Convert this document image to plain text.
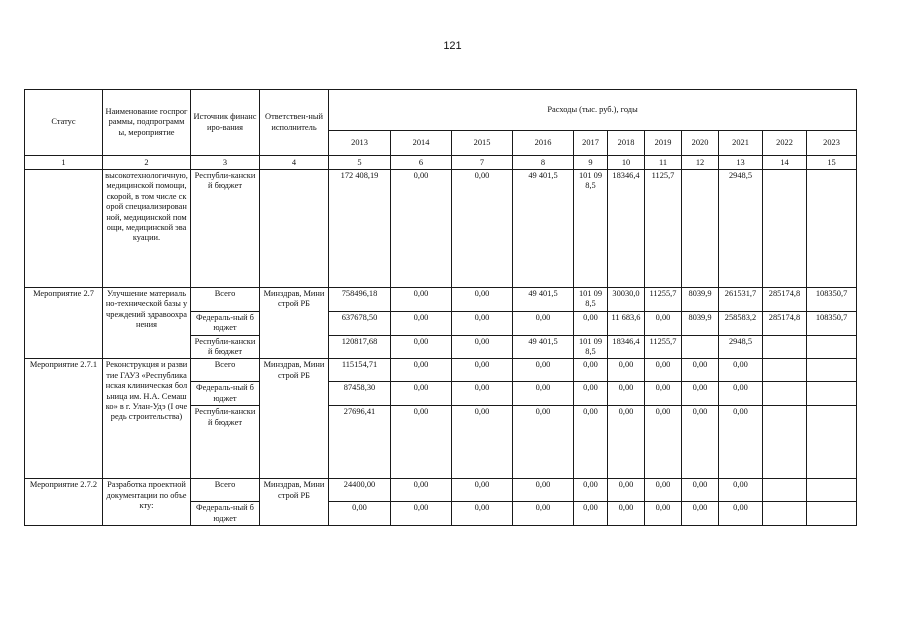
121
Статус	Наименование госпрограммы, подпрограммы, мероприятие	Источник финансиро-вания	Ответствен-ный исполнитель	Расходы (тыс. руб.), годы										
				2013	2014	2015	2016	2017	2018	2019	2020	2021	2022	2023
1	2	3	4	5	6	7	8	9	10	11	12	13	14	15
	высокотехнологичную, медицинской помощи, скорой, в том числе скорой специализированной, медицинской помощи, медицинской эвакуации.	Республи-канский бюджет		172 408,19	0,00	0,00	49 401,5	101 098,5	18346,4	1125,7		2948,5		
Мероприятие 2.7	Улучшение материально-технической базы учреждений здравоохранения	Всего	Минздрав, Министрой РБ	758496,18	0,00	0,00	49 401,5	101 098,5	30030,0	11255,7	8039,9	261531,7	285174,8	108350,7
		Федераль-ный бюджет		637678,50	0,00	0,00	0,00	0,00	11 683,6	0,00	8039,9	258583,2	285174,8	108350,7
		Республи-канский бюджет		120817,68	0,00	0,00	49 401,5	101 098,5	18346,4	11255,7		2948,5		
Мероприятие 2.7.1	Реконструкция и развитие ГАУЗ «Республиканская клиническая больница им. Н.А. Семашко» в г. Улан-Удэ (I очередь строительства)	Всего	Минздрав, Министрой РБ	115154,71	0,00	0,00	0,00	0,00	0,00	0,00	0,00	0,00		
		Федераль-ный бюджет		87458,30	0,00	0,00	0,00	0,00	0,00	0,00	0,00	0,00		
		Республи-канский бюджет		27696,41	0,00	0,00	0,00	0,00	0,00	0,00	0,00	0,00		
Мероприятие 2.7.2	Разработка проектной документации по объекту:	Всего	Минздрав, Министрой РБ	24400,00	0,00	0,00	0,00	0,00	0,00	0,00	0,00	0,00		
		Федераль-ный бюджет		0,00	0,00	0,00	0,00	0,00	0,00	0,00	0,00	0,00		
